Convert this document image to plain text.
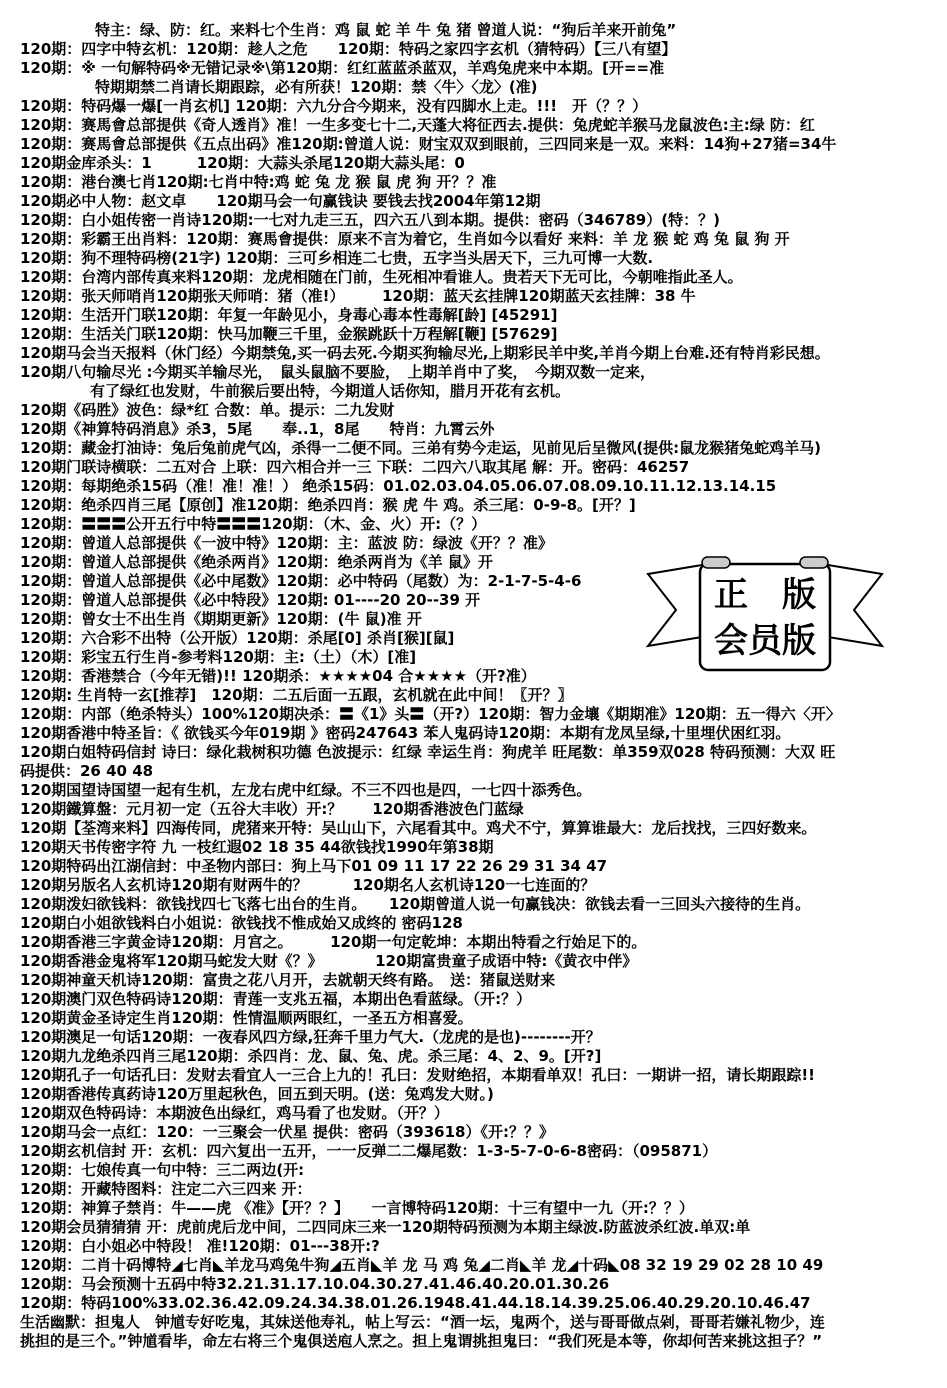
特主：绿、防：红。来料七个生肖：鸡 鼠 蛇 羊 牛 兔 猪 曾道人说：“狗后羊来开前兔”
120期：四字中特玄机：120期：趁人之危　　120期：特码之家四字玄机（猜特码）【三八有望】
120期：※ 一句解特码※无错记录※\第120期：红红蓝蓝杀蓝双，羊鸡兔虎来中本期。[开==准
特期期禁二肖请长期跟踪，必有所获！120期：禁〈牛〉〈龙〉(准)
120期：特码爆一爆[一肖玄机] 120期：六九分合今期来，没有四脚水上走。!!!　开（？？）
120期：赛馬會总部提供《奇人透肖》准！一生多变七十二,天蓬大将征西去.提供：兔虎蛇羊猴马龙鼠波色:主:绿 防：红
120期：赛馬會总部提供《五点出码》准120期:曾道人说：财宝双双到眼前，三四同来是一双。来料：14狗+27猪=34牛
120期金库杀头：1　　　120期：大蒜头杀尾120期大蒜头尾：0
120期：港台澳七肖120期:七肖中特:鸡 蛇 兔 龙 猴 鼠 虎 狗 开？？准
120期必中人物：赵文卓　　120期马会一句赢钱诀 要钱去找2004年第12期
120期：白小姐传密一肖诗120期:一七对九走三五，四六五八到本期。提供：密码（346789）(特：？)
120期：彩霸王出肖料：120期：赛馬會提供：原来不言为着它，生肖如今以看好 来料：羊 龙 猴 蛇 鸡 兔 鼠 狗 开
120期：狗不理特码榜(21字) 120期：三可乡相连二七贵，五字当头居天下，三九可博一大数.
120期：台湾内部传真来料120期：龙虎相随在门前，生死相冲看谁人。贵若天下无可比，今朝唯指此圣人。
120期：张天师哨肖120期张天师哨：猪（准!）　　　120期：蓝天玄挂牌120期蓝天玄挂牌：38 牛
120期：生活开门联120期：年复一年龄见小，身毒心毒本性毒解[龄] [45291]
120期：生活关门联120期：快马加鞭三千里，金猴跳跃十万程解[鞭] [57629]
120期马会当天报料（休门经）今期禁兔,买一码去死.今期买狗输尽光,上期彩民羊中奖,羊肖今期上台难.还有特肖彩民想。
120期八句输尽光 :今期买羊输尽光，　鼠头鼠脑不要脸，　上期羊肖中了奖，　今期双数一定来，
有了绿红也发财，牛前猴后要出特，今期道人话你知，腊月开花有玄机。
120期《码胜》波色：绿*红 合数：单。提示：二九发财
120期《神算特码消息》杀3，5尾　　奉..1，8尾　　特肖：九霄云外
120期：藏金打油诗：兔后兔前虎气凶，杀得一二便不同。三弟有势今走运，见前见后呈微风(提供:鼠龙猴猪兔蛇鸡羊马)
120期门联诗横联：二五对合 上联：四六相合并一三 下联：二四六八取其尾 解：开。密码：46257
120期：每期绝杀15码（准！准！准！） 绝杀15码：01.02.03.04.05.06.07.08.09.10.11.12.13.14.15
120期：绝杀四肖三尾【原创】准120期：绝杀四肖：猴 虎 牛 鸡。杀三尾：0-9-8。[开？]
120期：〓〓〓公开五行中特〓〓〓120期：（木、金、火）开:（？）
120期：曾道人总部提供《一波中特》120期：主：蓝波 防：绿波《开？？准》
120期：曾道人总部提供《绝杀两肖》120期：绝杀两肖为《羊 鼠》开
120期：曾道人总部提供《必中尾数》120期：必中特码（尾数）为：2-1-7-5-4-6
120期：曾道人总部提供《必中特段》120期: 01----20 20--39 开
120期：曾女士不出生肖《期期更新》120期：(牛 鼠)准 开
120期：六合彩不出特（公开版）120期：杀尾[0] 杀肖[猴][鼠]
120期：彩宝五行生肖-参考料120期：主:（土）（木）[准]
120期：香港禁合（今年无错)!! 120期杀：★★★★04 合★★★★（开?准）
120期: 生肖特一玄[推荐]　120期：二五后面一五跟，玄机就在此中间！〖开？〗
120期：内部（绝杀特头）100%120期决杀：〓《1》头〓（开?）120期：智力金壤《期期准》120期：五一得六〈开〉
120期香港中特圣旨：《 欲钱买今年019期 》密码247643 苯人鬼码诗120期：本期有龙凤呈绿,十里埋伏困红羽。
120期白姐特码信封 诗曰：绿化栽树积功德 色波提示：红绿 幸运生肖：狗虎羊 旺尾数：单359双028 特码预测：大双 旺
码提供：26 40 48
120期国望诗国望一起有生机，左龙右虎中红绿。不三不四也是四，一七四十添秀色。
120期鐵算盤：元月初一定（五谷大丰收）开:？　　120期香港波色门蓝绿
120期【荃湾来料】四海传同，虎猪来开特：吴山山下，六尾看其中。鸡犬不宁，算算谁最大：龙后找找，三四好数来。
120期天书传密字符 九 一枝红遐02 18 35 44欲钱找1990年第38期
120期特码出江湖信封：中圣物内部曰：狗上马下01 09 11 17 22 26 29 31 34 47
120期另版名人玄机诗120期有财两牛的？　　　120期名人玄机诗120一七连面的？
120期泼妇欲钱料：欲钱找四七飞落七出台的生肖。　　120期曾道人说一句赢钱决：欲钱去看一三回头六接待的生肖。
120期白小姐欲钱料白小姐说：欲钱找不惟成始又成终的 密码128
120期香港三字黄金诗120期：月宫之。　　　120期一句定乾坤：本期出特看之行始足下的。
120期香港金鬼将军120期马蛇发大财《？》　　　　120期富贵童子成语中特:《黄衣中伴》
120期神童天机诗120期：富贵之花八月开，去就朝天终有路。　送：猪鼠送财来
120期澳门双色特码诗120期：青莲一支兆五福，本期出色看蓝绿。（开:？）
120期黄金圣诗定生肖120期：性情温顺两眼红，一圣五方相喜爱。
120期澳足一句话120期：一夜春风四方绿,狂奔千里力气大.（龙虎的是也)--------开？
120期九龙绝杀四肖三尾120期：杀四肖：龙、鼠、兔、虎。杀三尾：4、2、9。[开?]
120期孔子一句话孔曰：发财去看宜人一三合上九的！孔曰：发财绝招，本期看单双！孔曰：一期讲一招，请长期跟踪!!
120期香港传真药诗120万里起秋色，回五到天明。(送：兔鸡发大财。)
120期双色特码诗：本期波色出绿红，鸡马看了也发财。（开？）
120期马会一点红：120：一三聚会一伏星 提供：密码（393618）《开:？？》
120期玄机信封 开：玄机：四六复出一五开，一一反弹二二爆尾数：1-3-5-7-0-6-8密码：（095871）
120期：七娘传真一句中特：三二两边(开:
120期：开藏特图料：注定二六三四来 开：
120期：神算子禁肖：牛——虎 《准》【开？？】　　一言博特码120期：十三有望中一九（开:？？）
120期会员猜猜猜 开：虎前虎后龙中间，二四同床三来一120期特码预测为本期主绿波.防蓝波杀红波.单双:单
120期：白小姐必中特段！ 准!120期：01---38开:?
120期：二肖十码博特◢七肖◣羊龙马鸡兔牛狗◢五肖◣羊 龙 马 鸡 兔◢二肖◣羊 龙◢十码◣08 32 19 29 02 28 10 49
120期：马会预测十五码中特32.21.31.17.10.04.30.27.41.46.40.20.01.30.26
120期：特码100%33.02.36.42.09.24.34.38.01.26.1948.41.44.18.14.39.25.06.40.29.20.10.46.47
生活幽默：担鬼人　钟馗专好吃鬼，其妹送他寿礼，帖上写云：“酒一坛，鬼两个，送与哥哥做点剁，哥哥若嫌礼物少，连
挑担的是三个。”钟馗看毕，命左右将三个鬼俱送庖人烹之。担上鬼谓挑担鬼曰：“我们死是本等，你却何苦来挑这担子？”
正　版
会员版
